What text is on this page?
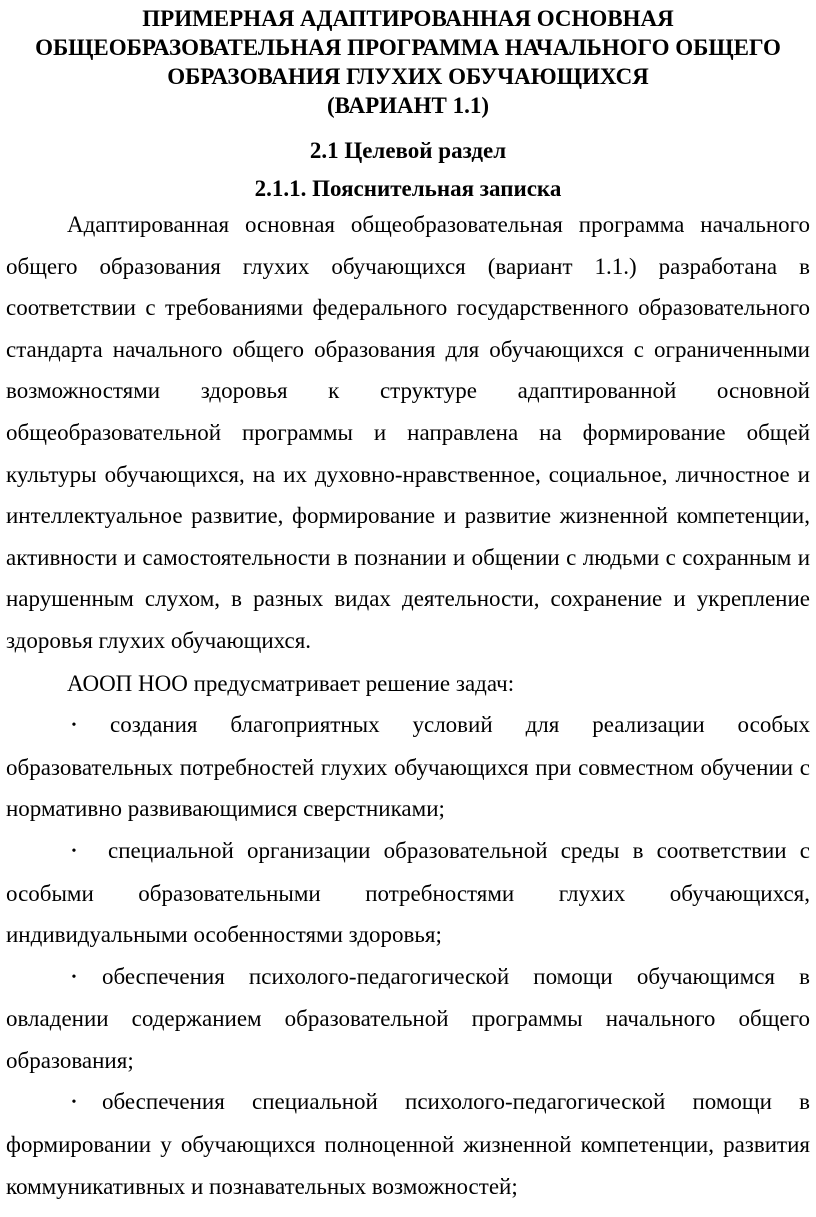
ПРИМЕРНАЯ АДАПТИРОВАННАЯ ОСНОВНАЯ
ОБЩЕОБРАЗОВАТЕЛЬНАЯ ПРОГРАММА НАЧАЛЬНОГО ОБЩЕГО
ОБРАЗОВАНИЯ ГЛУХИХ ОБУЧАЮЩИХСЯ
(ВАРИАНТ 1.1)
2.1 Целевой раздел
2.1.1. Пояснительная записка

Адаптированная основная общеобразовательная программа начального общего образования глухих обучающихся (вариант 1.1.) разработана в соответствии с требованиями федерального государственного образовательного стандарта начального общего образования для обучающихся с ограниченными возможностями здоровья к структуре адаптированной основной общеобразовательной программы и направлена на формирование общей культуры обучающихся, на их духовно-нравственное, социальное, личностное и интеллектуальное развитие, формирование и развитие жизненной компетенции, активности и самостоятельности в познании и общении с людьми с сохранным и нарушенным слухом, в разных видах деятельности, сохранение и укрепление здоровья глухих обучающихся.

АООП НОО предусматривает решение задач:

• создания благоприятных условий для реализации особых образовательных потребностей глухих обучающихся при совместном обучении с нормативно развивающимися сверстниками;

• специальной организации образовательной среды в соответствии с особыми образовательными потребностями глухих обучающихся, индивидуальными особенностями здоровья;

• обеспечения психолого-педагогической помощи обучающимся в овладении содержанием образовательной программы начального общего образования;

• обеспечения специальной психолого-педагогической помощи в формировании у обучающихся полноценной жизненной компетенции, развития коммуникативных и познавательных возможностей;
